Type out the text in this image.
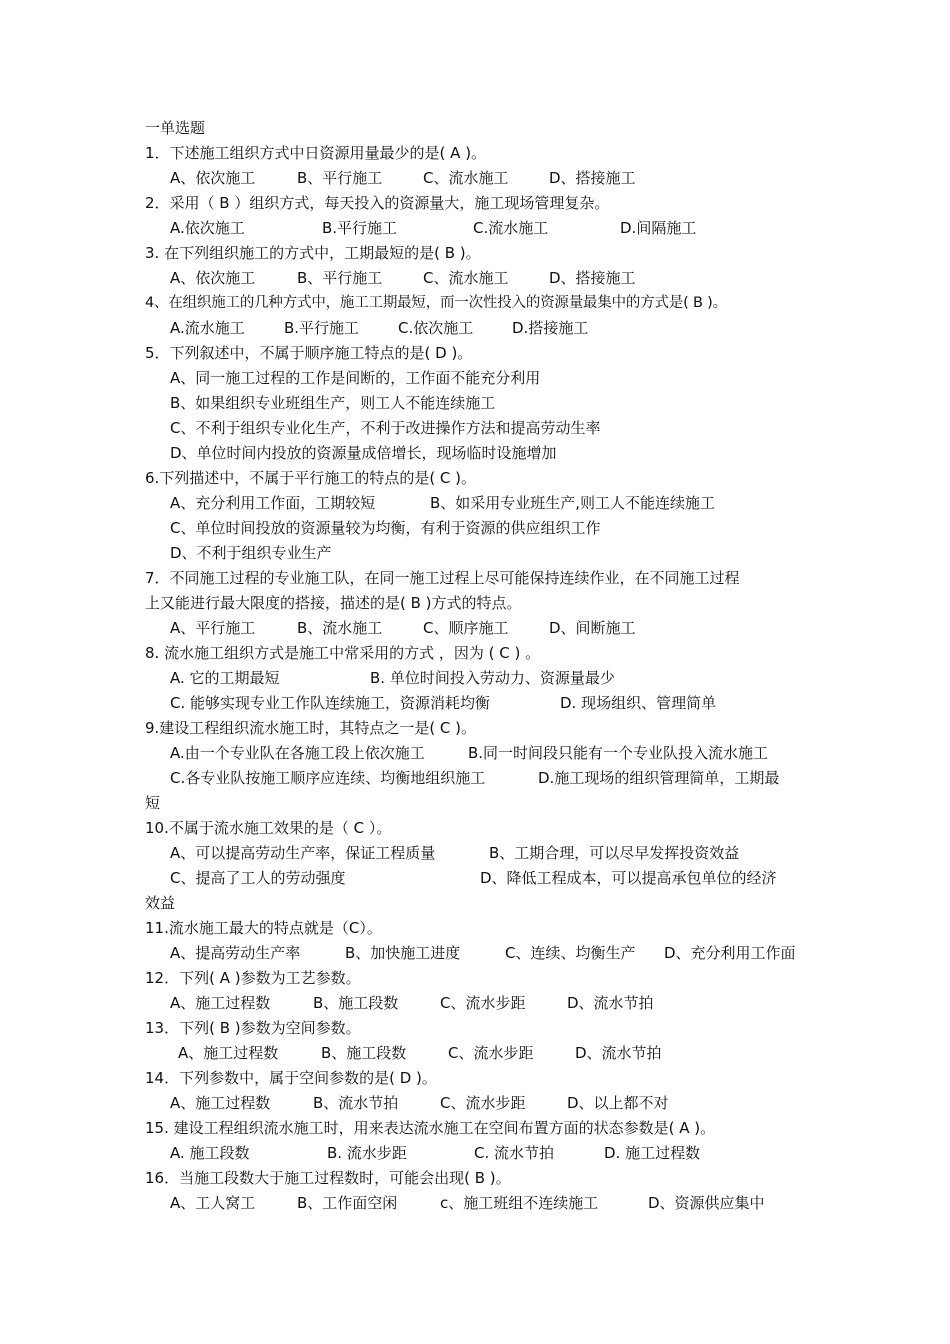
一单选题
1．下述施工组织方式中日资源用量最少的是( A )。
A、依次施工	B、平行施工	C、流水施工	D、搭接施工
2．采用（ B ）组织方式，每天投入的资源量大，施工现场管理复杂。
A.依次施工	B.平行施工	C.流水施工	D.间隔施工
3. 在下列组织施工的方式中，工期最短的是( B )。
A、依次施工	B、平行施工	C、流水施工	D、搭接施工
4、在组织施工的几种方式中，施工工期最短，而一次性投入的资源量最集中的方式是( B )。
A.流水施工	B.平行施工	C.依次施工	D.搭接施工
5．下列叙述中，不属于顺序施工特点的是( D )。
A、同一施工过程的工作是间断的，工作面不能充分利用
B、如果组织专业班组生产，则工人不能连续施工
C、不利于组织专业化生产，不利于改进操作方法和提高劳动生率
D、单位时间内投放的资源量成倍增长，现场临时设施增加
6.下列描述中，不属于平行施工的特点的是( C )。
A、充分利用工作面，工期较短	B、如采用专业班生产,则工人不能连续施工
C、单位时间投放的资源量较为均衡，有利于资源的供应组织工作
D、不利于组织专业生产
7．不同施工过程的专业施工队，在同一施工过程上尽可能保持连续作业，在不同施工过程
上又能进行最大限度的搭接，描述的是( B )方式的特点。
A、平行施工	B、流水施工	C、顺序施工	D、间断施工
8. 流水施工组织方式是施工中常采用的方式 ，因为 ( C ) 。
A. 它的工期最短	B. 单位时间投入劳动力、资源量最少
C. 能够实现专业工作队连续施工，资源消耗均衡	D. 现场组织、管理简单
9.建设工程组织流水施工时，其特点之一是( C )。
A.由一个专业队在各施工段上依次施工	B.同一时间段只能有一个专业队投入流水施工
C.各专业队按施工顺序应连续、均衡地组织施工	D.施工现场的组织管理简单，工期最
短
10.不属于流水施工效果的是（ C ）。
A、可以提高劳动生产率，保证工程质量	B、工期合理，可以尽早发挥投资效益
C、提高了工人的劳动强度	D、降低工程成本，可以提高承包单位的经济
效益
11.流水施工最大的特点就是（C）。
A、提高劳动生产率	B、加快施工进度	C、连续、均衡生产 D、充分利用工作面
12．下列( A )参数为工艺参数。
A、施工过程数	B、施工段数	C、流水步距	D、流水节拍
13．下列( B )参数为空间参数。
A、施工过程数	B、施工段数	C、流水步距	D、流水节拍
14．下列参数中，属于空间参数的是( D )。
A、施工过程数	B、流水节拍	C、流水步距	D、以上都不对
15. 建设工程组织流水施工时，用来表达流水施工在空间布置方面的状态参数是( A )。
A. 施工段数	B. 流水步距	C. 流水节拍	D. 施工过程数
16．当施工段数大于施工过程数时，可能会出现( B )。
A、工人窝工	B、工作面空闲	c、施工班组不连续施工	D、资源供应集中
